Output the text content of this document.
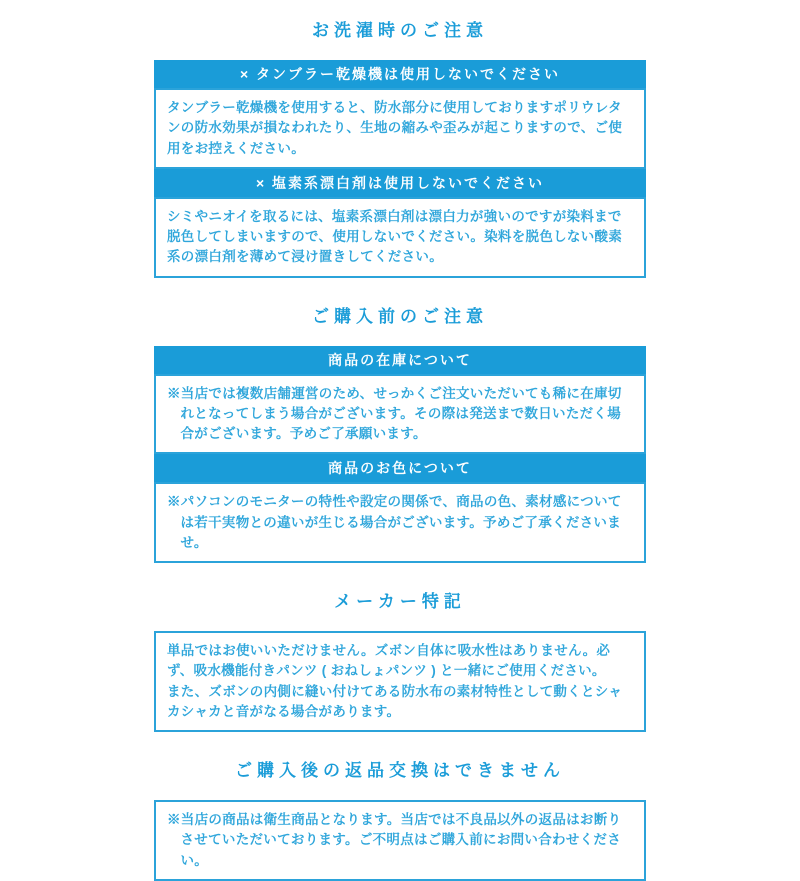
お洗濯時のご注意
× タンブラー乾燥機は使用しないでください

タンブラー乾燥機を使用すると、防水部分に使用しておりますポリウレタンの防水効果が損なわれたり、生地の縮みや歪みが起こりますので、ご使用をお控えください。

× 塩素系漂白剤は使用しないでください

シミやニオイを取るには、塩素系漂白剤は漂白力が強いのですが染料まで脱色してしまいますので、使用しないでください。染料を脱色しない酸素系の漂白剤を薄めて浸け置きしてください。

ご購入前のご注意
商品の在庫について

※当店では複数店舗運営のため、せっかくご注文いただいても稀に在庫切れとなってしまう場合がございます。その際は発送まで数日いただく場合がございます。予めご了承願います。

商品のお色について

※パソコンのモニターの特性や設定の関係で、商品の色、素材感については若干実物との違いが生じる場合がございます。予めご了承くださいませ。

メーカー特記

単品ではお使いいただけません。ズボン自体に吸水性はありません。必ず、吸水機能付きパンツ ( おねしょパンツ ) と一緒にご使用ください。

また、ズボンの内側に縫い付けてある防水布の素材特性として動くとシャカシャカと音がなる場合があります。

ご購入後の返品交換はできません

※当店の商品は衛生商品となります。当店では不良品以外の返品はお断りさせていただいております。ご不明点はご購入前にお問い合わせください。
